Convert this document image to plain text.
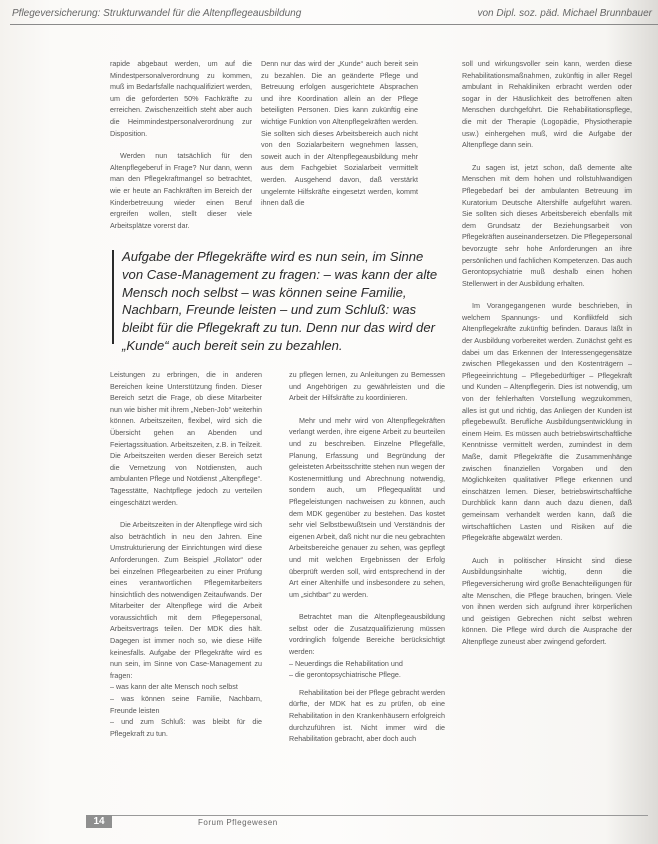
Pflegeversicherung: Strukturwandel für die Altenpflegeausbildung	von Dipl. soz. päd. Michael Brunnbauer

rapide abgebaut werden, um auf die Mindestpersonalverordnung zu kommen, muß im Bedarfsfalle nachqualifiziert werden, um die geforderten 50% Fachkräfte zu erreichen. Zwischenzeitlich steht aber auch die Heimmindestpersonalverordnung zur Disposition.

Werden nun tatsächlich für den Altenpflegeberuf in Frage? Nur dann, wenn man den Pflegekraftmangel so betrachtet, wie er heute an Fachkräften im Bereich der Kinderbetreuung wieder einen Beruf ergreifen wollen, stellt dieser viele Arbeitsplätze vorerst dar.

Denn nur das wird der „Kunde“ auch bereit sein zu bezahlen. Die an geänderte Pflege und Betreuung erfolgen ausgerichtete Absprachen und ihre Koordination allein an der Pflege beteiligten Personen. Dies kann zukünftig eine wichtige Funktion von Altenpflegekräften werden. Sie sollten sich dieses Arbeitsbereich auch nicht von den Sozialarbeitern wegnehmen lassen, soweit auch in der Altenpflegeausbildung mehr aus dem Fachgebiet Sozialarbeit vermittelt werden. Ausgehend davon, daß verstärkt ungelernte Hilfskräfte eingesetzt werden, kommt ihnen daß die

soll und wirkungsvoller sein kann, werden diese Rehabilitationsmaßnahmen, zukünftig in aller Regel ambulant in Rehakliniken erbracht werden oder sogar in der Häuslichkeit des betroffenen alten Menschen durchgeführt. Die Rehabilitationspflege, die mit der Therapie (Logopädie, Physiotherapie usw.) einhergehen muß, wird die Aufgabe der Altenpflege dann sein.

Zu sagen ist, jetzt schon, daß demente alte Menschen mit dem hohen und rollstuhlwandigen Pflegebedarf bei der ambulanten Betreuung im Kuratorium Deutsche Altershilfe aufgeführt waren. Sie sollten sich dieses Arbeitsbereich ebenfalls mit dem Grundsatz der Beziehungsarbeit von Pflegekräften auseinandersetzen. Die Pflegepersonal bevorzugte sehr hohe Anforderungen an ihre persönlichen und fachlichen Kompetenzen. Das auch Gerontopsychiatrie muß deshalb einen hohen Stellenwert in der Ausbildung erhalten.

Im Vorangegangenen wurde beschrieben, in welchem Spannungs- und Konfliktfeld sich Altenpflegekräfte zukünftig befinden. Daraus läßt in der Ausbildung vorbereitet werden. Zunächst geht es dabei um das Erkennen der Interessengegensätze zwischen Pflegekassen und den Kostenträgern – Pflegeeinrichtung – Pflegebedürftiger – Pflegekraft und Kunden – Altenpflegerin. Dies ist notwendig, um von der fehlerhaften Vorstellung wegzukommen, alles ist gut und richtig, das Anliegen der Kunden ist pflegebewußt. Berufliche Ausbildungsentwicklung in einem Heim. Es müssen auch betriebswirtschaftliche Kenntnisse vermittelt werden, zumindest in dem Maße, damit Pflegekräfte die Zusammenhänge zwischen finanziellen Vorgaben und den Möglichkeiten qualitativer Pflege erkennen und einschätzen lernen. Dieser, betriebswirtschaftliche Durchblick kann dann auch dazu dienen, daß gemeinsam verhandelt werden kann, daß die wirtschaftlichen Lasten und Risiken auf die Pflegekräfte abgewälzt werden.

Auch in politischer Hinsicht sind diese Ausbildungsinhalte wichtig, denn die Pflegeversicherung wird große Benachteiligungen für alte Menschen, die Pflege brauchen, bringen. Viele von ihnen werden sich aufgrund ihrer körperlichen und geistigen Gebrechen nicht selbst wehren können. Die Pflege wird durch die Ausprache der Altenpflege zuneust aber zwingend gefordert.

Aufgabe der Pflegekräfte wird es nun sein, im Sinne von Case-Management zu fragen: – was kann der alte Mensch noch selbst – was können seine Familie, Nachbarn, Freunde leisten – und zum Schluß: was bleibt für die Pflegekraft zu tun. Denn nur das wird der „Kunde“ auch bereit sein zu bezahlen.

Leistungen zu erbringen, die in anderen Bereichen keine Unterstützung finden. Dieser Bereich setzt die Frage, ob diese Mitarbeiter nun wie bisher mit ihrem „Neben-Job“ weiterhin können. Arbeitszeiten, flexibel, wird sich die Übersicht gehen an Abenden und Feiertagssituation. Arbeitszeiten, z.B. in Teilzeit. Die Arbeitszeiten werden dieser Bereich setzt die Vernetzung von Notdiensten, auch ambulanten Pflege und Notdienst „Altenpflege“. Tagesstätte, Nachtpflege jedoch zu verteilen eingeschätzt werden.

Die Arbeitszeiten in der Altenpflege wird sich also beträchtlich in neu den Jahren. Eine Umstrukturierung der Einrichtungen wird diese Anforderungen. Zum Beispiel „Rollator“ oder bei einzelnen Pflegearbeiten zu einer Prüfung eines verantwortlichen Pflegemitarbeiters hinsichtlich des notwendigen Zeitaufwands. Der Mitarbeiter der Altenpflege wird die Arbeit voraussichtlich mit dem Pflegepersonal, Arbeitsvertrags teilen. Der MDK dies hält. Dagegen ist immer noch so, wie diese Hilfe keinesfalls. Aufgabe der Pflegekräfte wird es nun sein, im Sinne von Case-Management zu fragen:

– was kann der alte Mensch noch selbst
– was können seine Familie, Nachbarn, Freunde leisten
– und zum Schluß: was bleibt für die Pflegekraft zu tun.

zu pflegen lernen, zu Anleitungen zu Bemessen und Angehörigen zu gewährleisten und die Arbeit der Hilfskräfte zu koordinieren.

Mehr und mehr wird von Altenpflegekräften verlangt werden, ihre eigene Arbeit zu beurteilen und zu beschreiben. Einzelne Pflegefälle, Planung, Erfassung und Begründung der geleisteten Arbeitsschritte stehen nun wegen der Kostenermittlung und Abrechnung notwendig, sondern auch, um Pflegequalität und Pflegeleistungen nachweisen zu können, auch dem MDK gegenüber zu bestehen. Das kostet sehr viel Selbstbewußtsein und Verständnis der eigenen Arbeit, daß nicht nur die neu gebrachten Arbeitsbereiche genauer zu sehen, was gepflegt und mit welchen Ergebnissen der Erfolg überprüft werden soll, wird entsprechend in der Art einer Altenhilfe und insbesondere zu sehen, um „sichtbar“ zu werden.

Betrachtet man die Altenpflegeausbildung selbst oder die Zusatzqualifizierung müssen vordringlich folgende Bereiche berücksichtigt werden:

– Neuerdings die Rehabilitation und
– die gerontopsychiatrische Pflege.

Rehabilitation bei der Pflege gebracht werden dürfte, der MDK hat es zu prüfen, ob eine Rehabilitation in den Krankenhäusern erfolgreich durchzuführen ist. Nicht immer wird die Rehabilitation gebracht, aber doch auch

14	Forum Pflegewesen
